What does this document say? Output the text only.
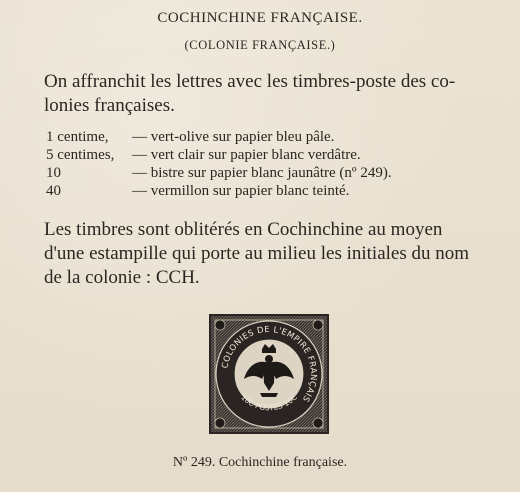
COCHINCHINE FRANÇAISE.
(COLONIE FRANÇAISE.)
On affranchit les lettres avec les timbres-poste des co-
lonies françaises.
1 centime,	— vert-olive sur papier bleu pâle.
5 centimes,	— vert clair sur papier blanc verdâtre.
10	— bistre sur papier blanc jaunâtre (nº 249).
40	— vermillon sur papier blanc teinté.
Les timbres sont oblitérés en Cochinchine au moyen
d'une estampille qui porte au milieu les initiales du nom
de la colonie : CCH.
COLONIES DE L'EMPIRE FRANÇAIS
10C POSTES 10C
Nº 249. Cochinchine française.
